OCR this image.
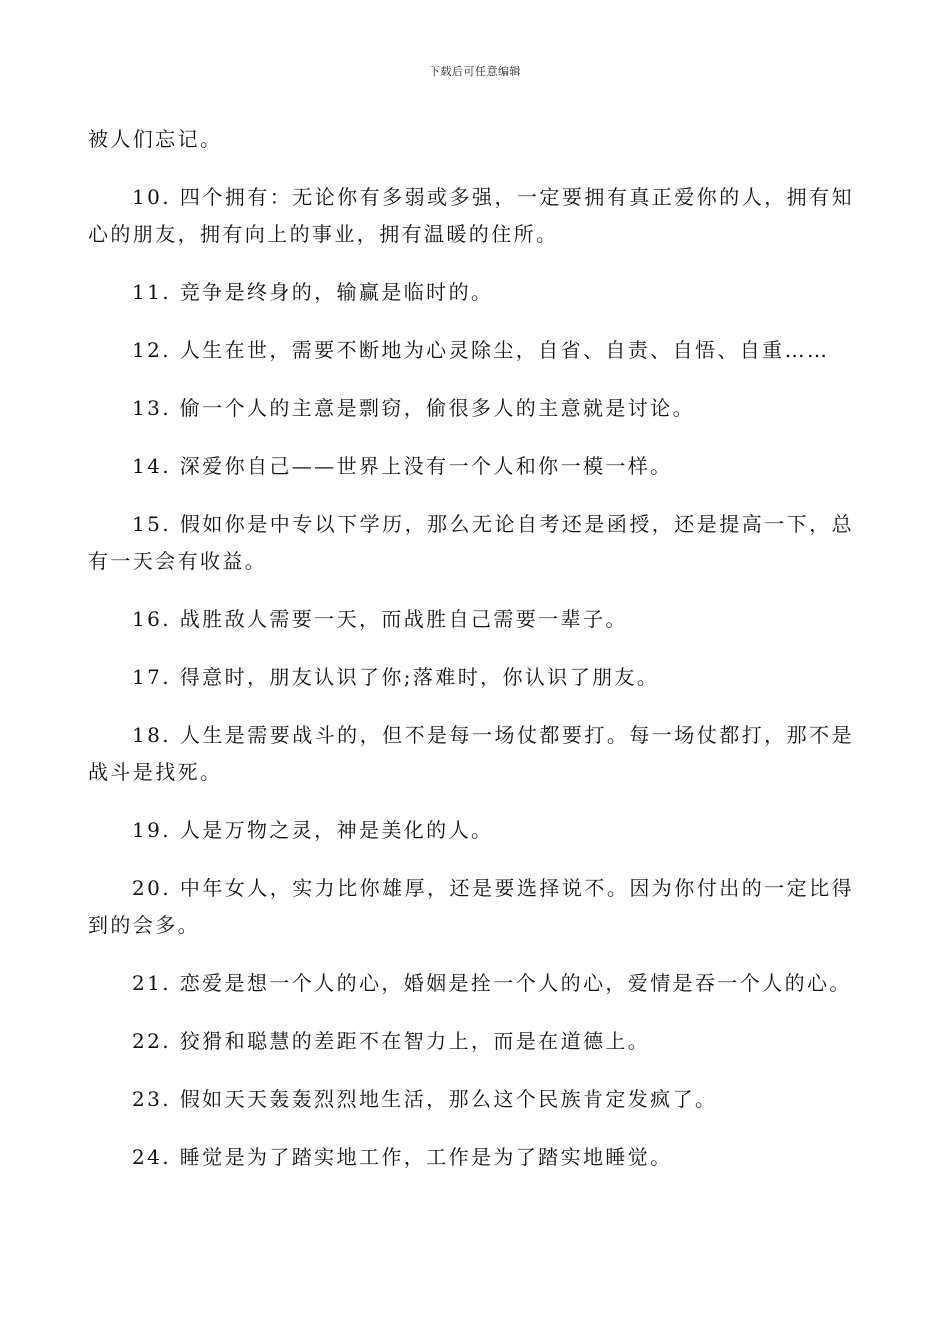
下载后可任意编辑

被人们忘记。

10. 四个拥有：无论你有多弱或多强，一定要拥有真正爱你的人，拥有知心的朋友，拥有向上的事业，拥有温暖的住所。

11. 竞争是终身的，输赢是临时的。

12. 人生在世，需要不断地为心灵除尘，自省、自责、自悟、自重……

13. 偷一个人的主意是剽窃，偷很多人的主意就是讨论。

14. 深爱你自己——世界上没有一个人和你一模一样。

15. 假如你是中专以下学历，那么无论自考还是函授，还是提高一下，总有一天会有收益。

16. 战胜敌人需要一天，而战胜自己需要一辈子。

17. 得意时，朋友认识了你;落难时，你认识了朋友。

18. 人生是需要战斗的，但不是每一场仗都要打。每一场仗都打，那不是战斗是找死。

19. 人是万物之灵，神是美化的人。

20. 中年女人，实力比你雄厚，还是要选择说不。因为你付出的一定比得到的会多。

21. 恋爱是想一个人的心，婚姻是拴一个人的心，爱情是吞一个人的心。

22. 狡猾和聪慧的差距不在智力上，而是在道德上。

23. 假如天天轰轰烈烈地生活，那么这个民族肯定发疯了。

24. 睡觉是为了踏实地工作，工作是为了踏实地睡觉。
